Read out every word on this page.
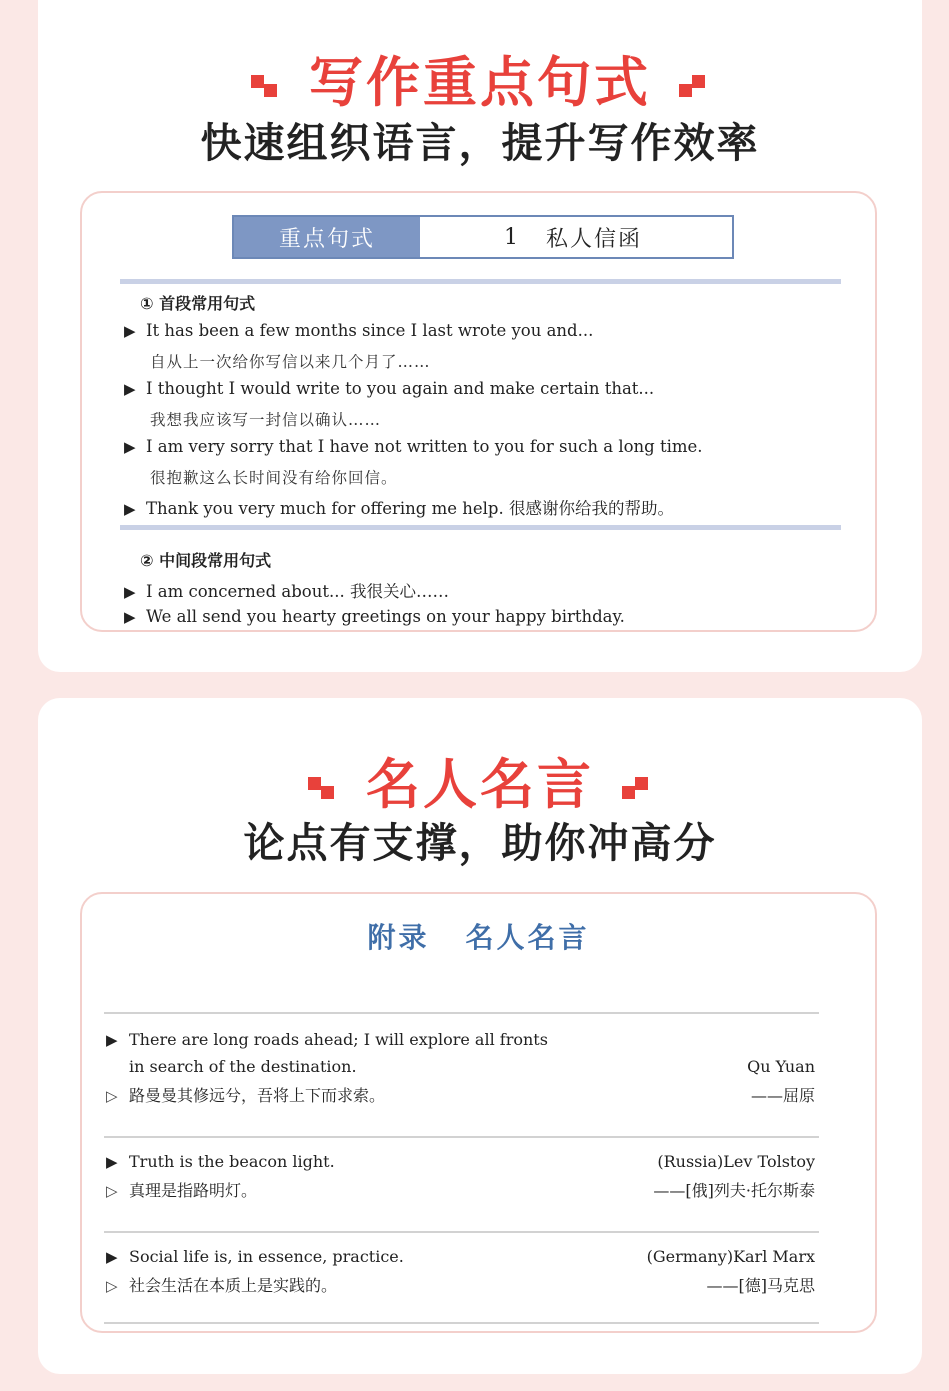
写作重点句式
快速组织语言，提升写作效率
重点句式	1	私人信函
① 首段常用句式
▶ It has been a few months since I last wrote you and...
自从上一次给你写信以来几个月了……
▶ I thought I would write to you again and make certain that...
我想我应该写一封信以确认……
▶ I am very sorry that I have not written to you for such a long time.
很抱歉这么长时间没有给你回信。
▶ Thank you very much for offering me help. 很感谢你给我的帮助。
② 中间段常用句式
▶ I am concerned about... 我很关心……
▶ We all send you hearty greetings on your happy birthday.
名人名言
论点有支撑，助你冲高分
附录 名人名言
▶ There are long roads ahead; I will explore all fronts
in search of the destination.	Qu Yuan
▷ 路曼曼其修远兮，吾将上下而求索。	——屈原
▶ Truth is the beacon light.	(Russia)Lev Tolstoy
▷ 真理是指路明灯。	——[俄]列夫·托尔斯泰
▶ Social life is, in essence, practice.	(Germany)Karl Marx
▷ 社会生活在本质上是实践的。	——[德]马克思
